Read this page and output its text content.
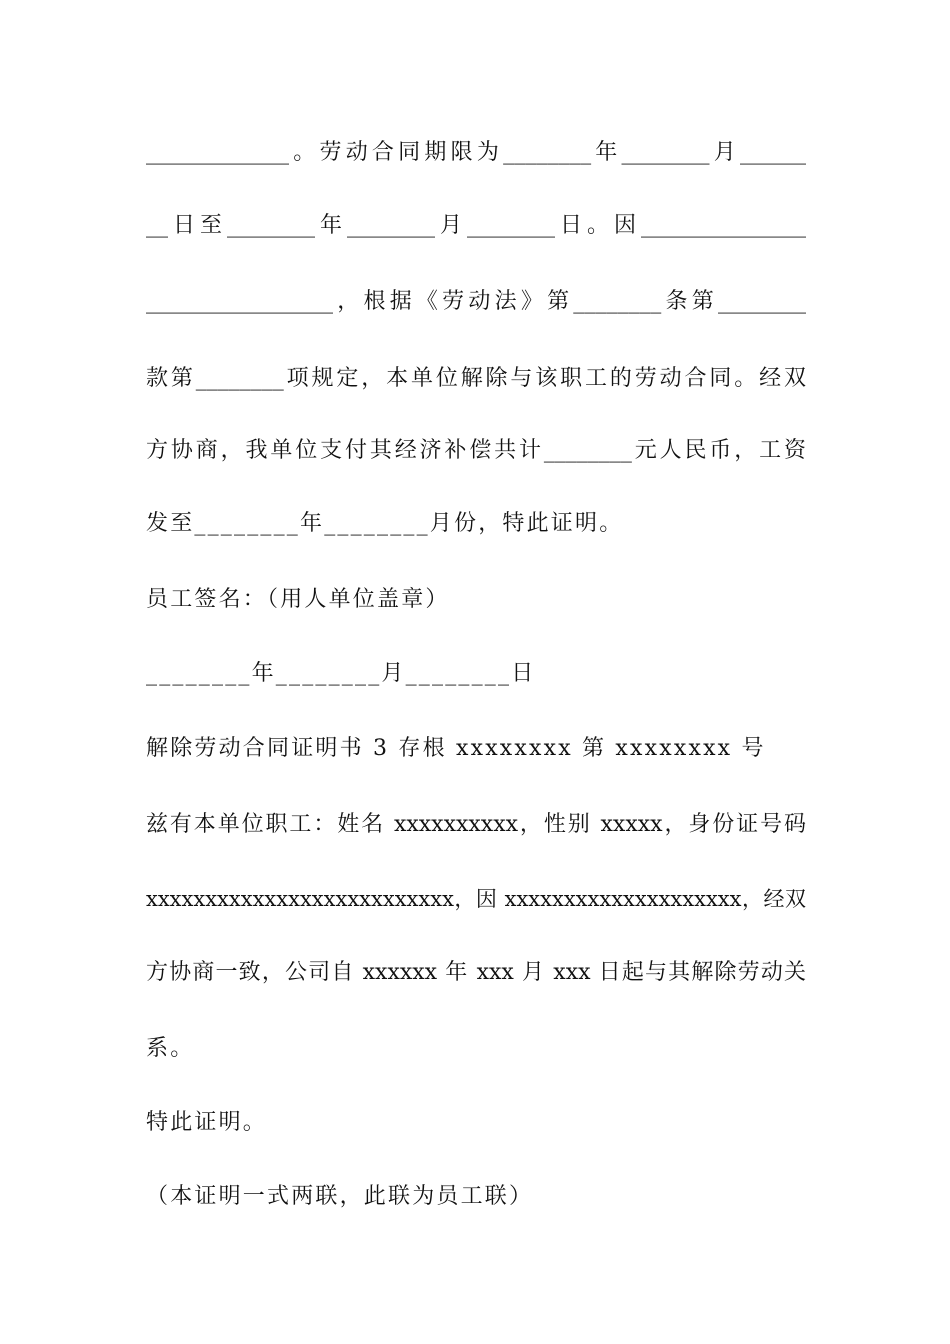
_____________。劳动合同期限为________年________月______
__日至________年________月________日。因_______________
_________________，根据《劳动法》第________条第________
款第________项规定，本单位解除与该职工的劳动合同。经双
方协商，我单位支付其经济补偿共计________元人民币，工资
发至________年________月份，特此证明。
员工签名：（用人单位盖章）
________年________月________日
解除劳动合同证明书 3 存根 xxxxxxxx 第 xxxxxxxx 号
兹有本单位职工：姓名 xxxxxxxxxx，性别 xxxxx，身份证号码
xxxxxxxxxxxxxxxxxxxxxxxxxx，因 xxxxxxxxxxxxxxxxxxxx，经双
方协商一致，公司自 xxxxxx 年 xxx 月 xxx 日起与其解除劳动关
系。
特此证明。
（本证明一式两联，此联为员工联）
